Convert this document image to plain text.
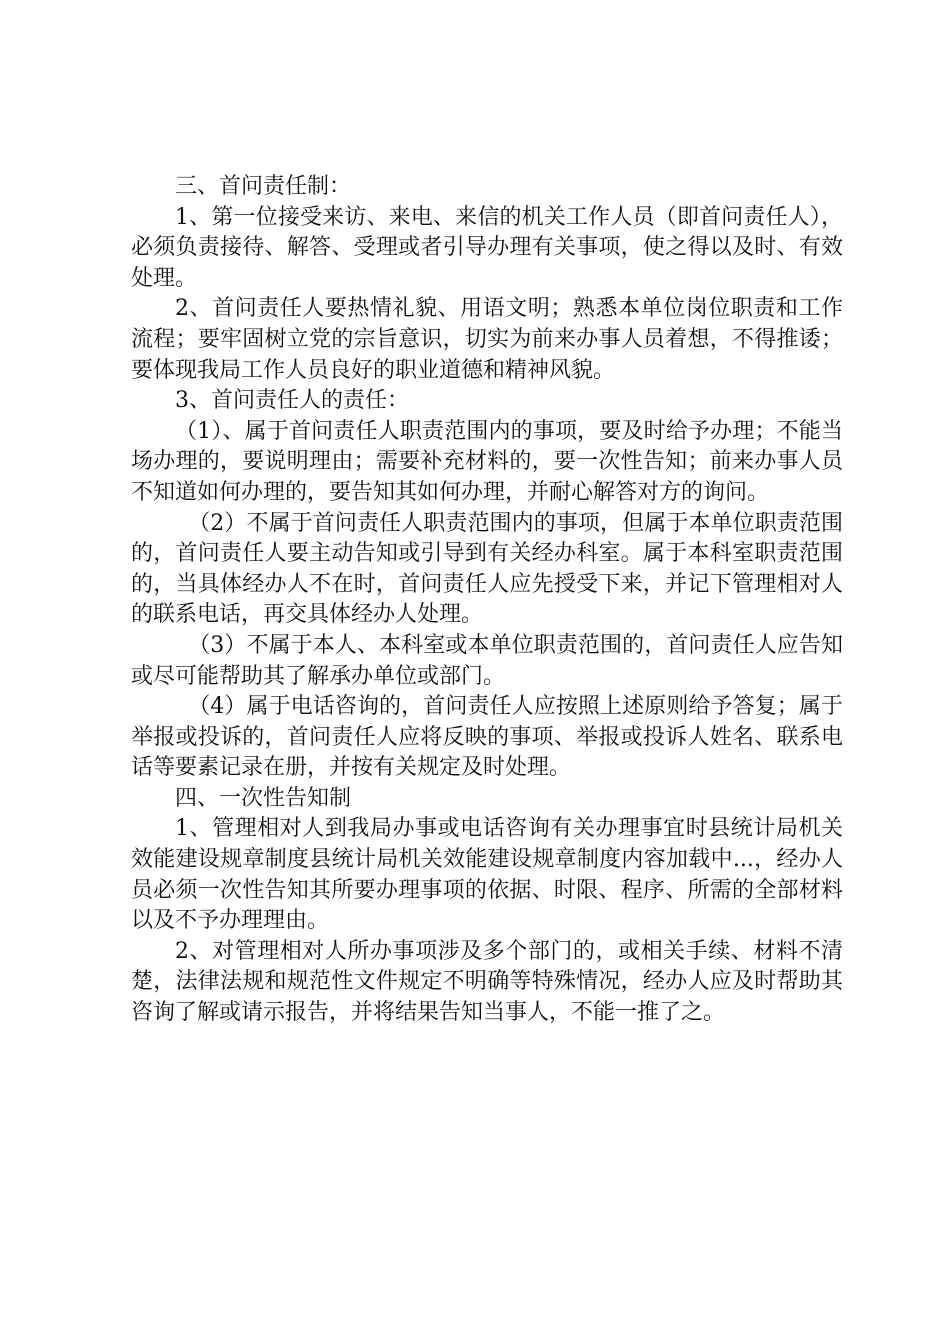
三、首问责任制：

1、第一位接受来访、来电、来信的机关工作人员（即首问责任人），必须负责接待、解答、受理或者引导办理有关事项，使之得以及时、有效处理。

2、首问责任人要热情礼貌、用语文明；熟悉本单位岗位职责和工作流程；要牢固树立党的宗旨意识，切实为前来办事人员着想，不得推诿；要体现我局工作人员良好的职业道德和精神风貌。

3、首问责任人的责任：

（1）、属于首问责任人职责范围内的事项，要及时给予办理；不能当场办理的，要说明理由；需要补充材料的，要一次性告知；前来办事人员不知道如何办理的，要告知其如何办理，并耐心解答对方的询问。

（2）不属于首问责任人职责范围内的事项，但属于本单位职责范围的，首问责任人要主动告知或引导到有关经办科室。属于本科室职责范围的，当具体经办人不在时，首问责任人应先授受下来，并记下管理相对人的联系电话，再交具体经办人处理。

（3）不属于本人、本科室或本单位职责范围的，首问责任人应告知或尽可能帮助其了解承办单位或部门。

（4）属于电话咨询的，首问责任人应按照上述原则给予答复；属于举报或投诉的，首问责任人应将反映的事项、举报或投诉人姓名、联系电话等要素记录在册，并按有关规定及时处理。

四、一次性告知制

1、管理相对人到我局办事或电话咨询有关办理事宜时县统计局机关效能建设规章制度县统计局机关效能建设规章制度内容加载中...，经办人员必须一次性告知其所要办理事项的依据、时限、程序、所需的全部材料以及不予办理理由。

2、对管理相对人所办事项涉及多个部门的，或相关手续、材料不清楚，法律法规和规范性文件规定不明确等特殊情况，经办人应及时帮助其咨询了解或请示报告，并将结果告知当事人，不能一推了之。
